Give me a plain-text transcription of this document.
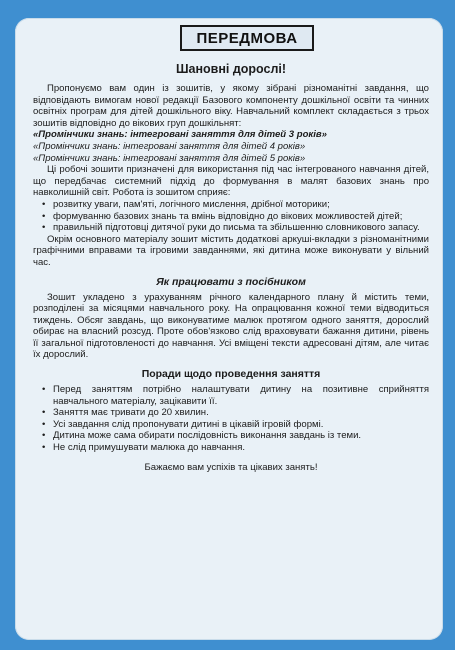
ПЕРЕДМОВА
Шановні дорослі!

Пропонуємо вам один із зошитів, у якому зібрані різноманітні завдання, що відповідають вимогам нової редакції Базового компоненту дошкільної освіти та чинних освітніх програм для дітей дошкільного віку. Навчальний комплект складається з трьох зошитів відповідно до вікових груп дошкільнят:

«Промінчики знань: інтегровані заняття для дітей 3 років»
«Промінчики знань: інтегровані заняття для дітей 4 років»
«Промінчики знань: інтегровані заняття для дітей 5 років»

Ці робочі зошити призначені для використання під час інтегрованого навчання дітей, що передбачає системний підхід до формування в малят базових знань про навколишній світ. Робота із зошитом сприяє:

• розвитку уваги, пам'яті, логічного мислення, дрібної моторики;
• формуванню базових знань та вмінь відповідно до вікових можливостей дітей;
• правильній підготовці дитячої руки до письма та збільшенню словникового запасу.

Окрім основного матеріалу зошит містить додаткові аркуші-вкладки з різноманітними графічними вправами та ігровими завданнями, які дитина може виконувати у вільний час.

Як працювати з посібником

Зошит укладено з урахуванням річного календарного плану й містить теми, розподілені за місяцями навчального року. На опрацювання кожної теми відводиться тиждень. Обсяг завдань, що виконуватиме малюк протягом одного заняття, дорослий обирає на власний розсуд. Проте обов'язково слід враховувати бажання дитини, рівень її загальної підготовленості до навчання. Усі вміщені тексти адресовані дітям, але читає їх дорослий.

Поради щодо проведення заняття
• Перед заняттям потрібно налаштувати дитину на позитивне сприйняття навчального матеріалу, зацікавити її.
• Заняття має тривати до 20 хвилин.
• Усі завдання слід пропонувати дитині в цікавій ігровій формі.
• Дитина може сама обирати послідовність виконання завдань із теми.
• Не слід примушувати малюка до навчання.
Бажаємо вам успіхів та цікавих занять!
